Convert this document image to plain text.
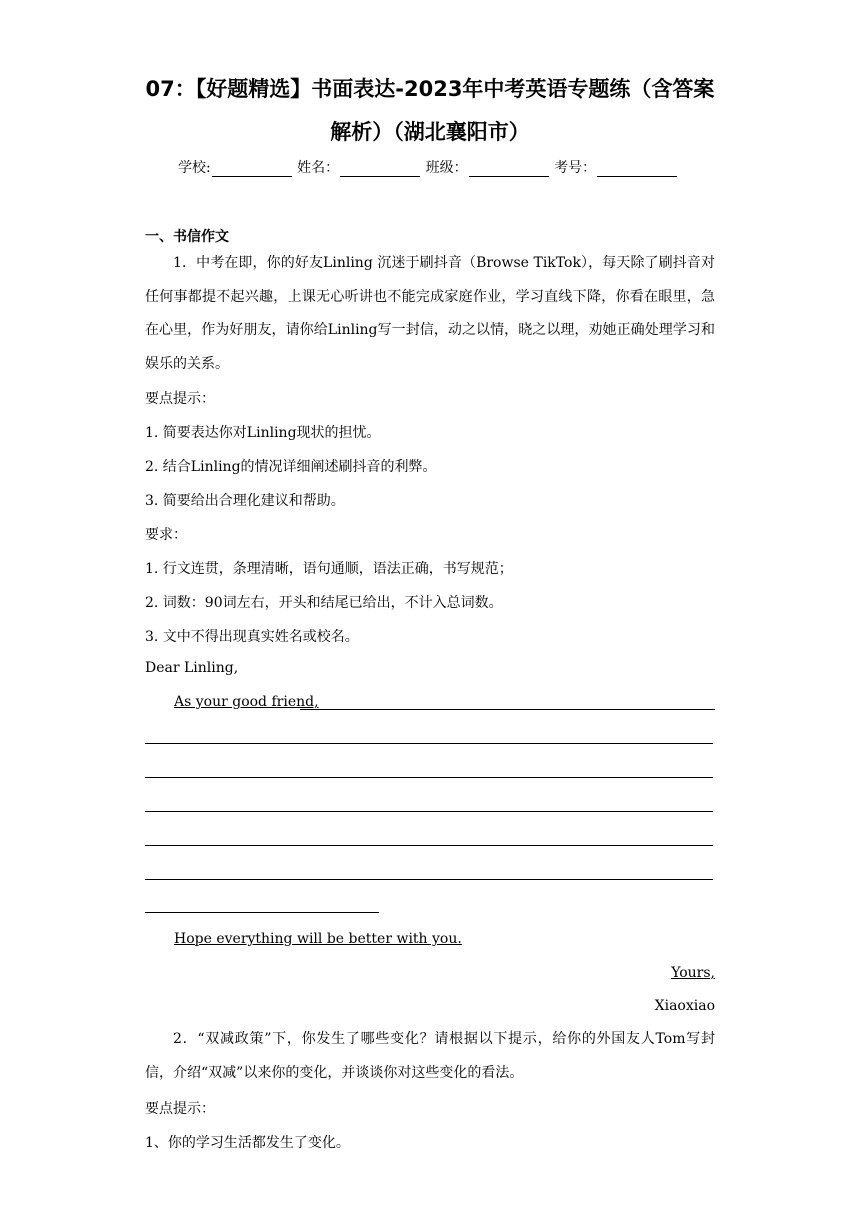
07：【好题精选】书面表达-2023年中考英语专题练（含答案
解析）（湖北襄阳市）
学校:	姓名：	班级：	考号：
一、书信作文
1．中考在即，你的好友Linling 沉迷于刷抖音（Browse TikTok），每天除了刷抖音对任何事都提不起兴趣，上课无心听讲也不能完成家庭作业，学习直线下降，你看在眼里，急在心里，作为好朋友，请你给Linling写一封信，动之以情，晓之以理，劝她正确处理学习和娱乐的关系。
要点提示：
1. 简要表达你对Linling现状的担忧。
2. 结合Linling的情况详细阐述刷抖音的利弊。
3. 简要给出合理化建议和帮助。
要求：
1. 行文连贯，条理清晰，语句通顺，语法正确，书写规范；
2. 词数：90词左右，开头和结尾已给出，不计入总词数。
3. 文中不得出现真实姓名或校名。
Dear Linling,
As your good friend,
Hope everything will be better with you.
Yours,
Xiaoxiao
2．“双减政策”下，你发生了哪些变化？请根据以下提示，给你的外国友人Tom写封信，介绍“双减”以来你的变化，并谈谈你对这些变化的看法。
要点提示：
1、你的学习生活都发生了变化。
